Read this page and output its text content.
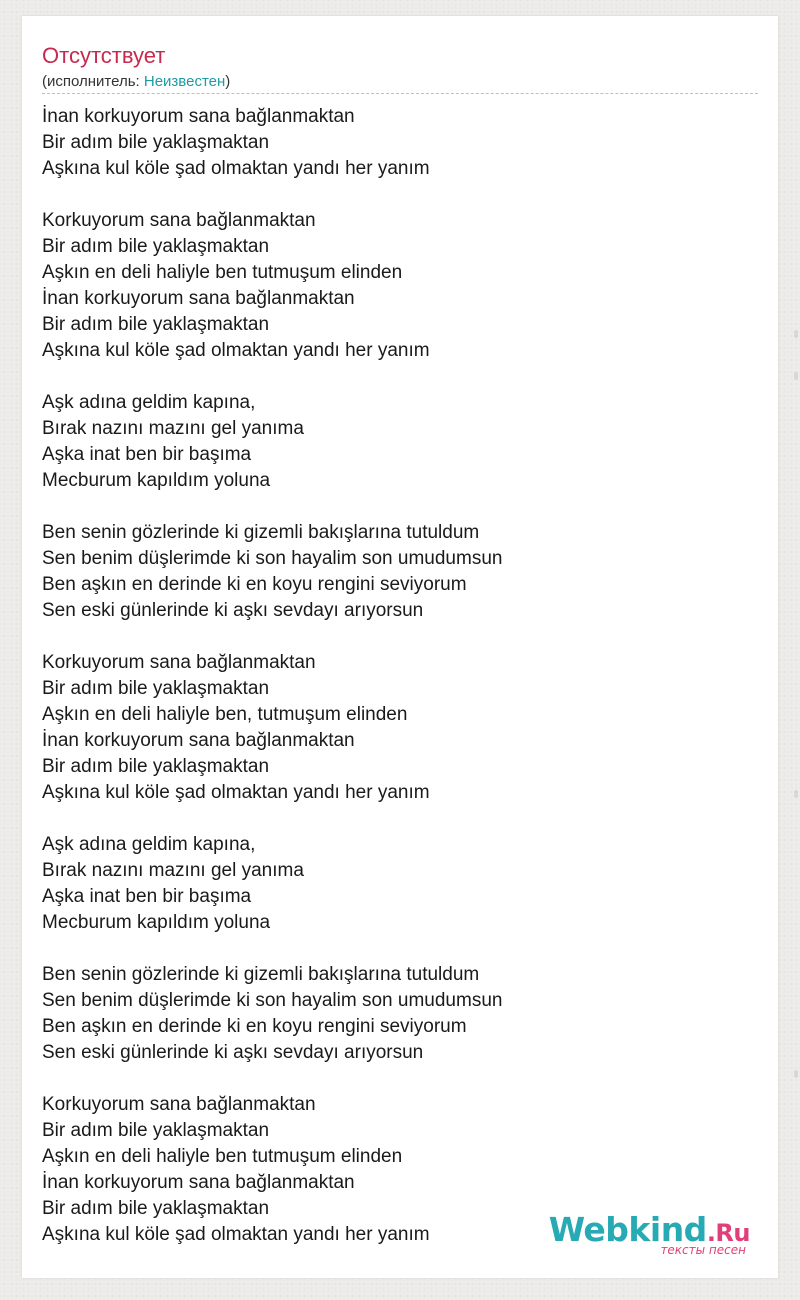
Отсутствует
(исполнитель: Неизвестен)
İnan korkuyorum sana bağlanmaktan
Bir adım bile yaklaşmaktan
Aşkına kul köle şad olmaktan yandı her yanım
Korkuyorum sana bağlanmaktan
Bir adım bile yaklaşmaktan
Aşkın en deli haliyle ben tutmuşum elinden
İnan korkuyorum sana bağlanmaktan
Bir adım bile yaklaşmaktan
Aşkına kul köle şad olmaktan yandı her yanım
Aşk adına geldim kapına,
Bırak nazını mazını gel yanıma
Aşka inat ben bir başıma
Mecburum kapıldım yoluna
Ben senin gözlerinde ki gizemli bakışlarına tutuldum
Sen benim düşlerimde ki son hayalim son umudumsun
Ben aşkın en derinde ki en koyu rengini seviyorum
Sen eski günlerinde ki aşkı sevdayı arıyorsun
Korkuyorum sana bağlanmaktan
Bir adım bile yaklaşmaktan
Aşkın en deli haliyle ben, tutmuşum elinden
İnan korkuyorum sana bağlanmaktan
Bir adım bile yaklaşmaktan
Aşkına kul köle şad olmaktan yandı her yanım
Aşk adına geldim kapına,
Bırak nazını mazını gel yanıma
Aşka inat ben bir başıma
Mecburum kapıldım yoluna
Ben senin gözlerinde ki gizemli bakışlarına tutuldum
Sen benim düşlerimde ki son hayalim son umudumsun
Ben aşkın en derinde ki en koyu rengini seviyorum
Sen eski günlerinde ki aşkı sevdayı arıyorsun
Korkuyorum sana bağlanmaktan
Bir adım bile yaklaşmaktan
Aşkın en deli haliyle ben tutmuşum elinden
İnan korkuyorum sana bağlanmaktan
Bir adım bile yaklaşmaktan
Aşkına kul köle şad olmaktan yandı her yanım	Webkind.Ru
тексты песен
